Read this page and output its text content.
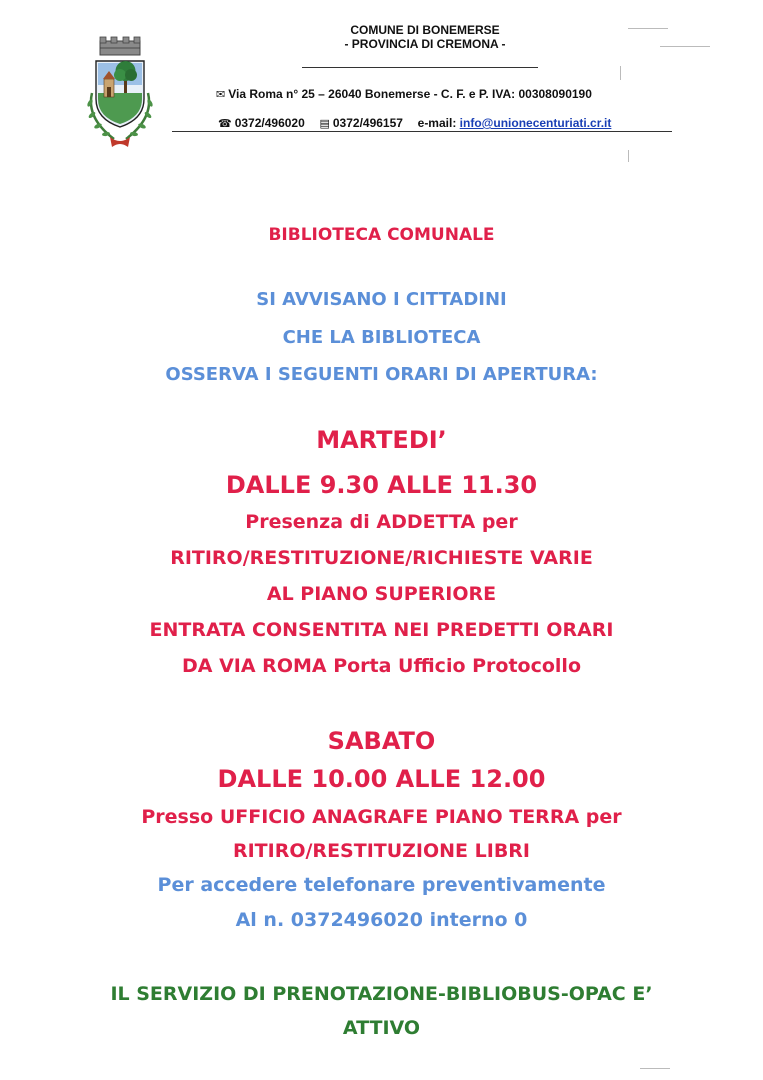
COMUNE DI BONEMERSE
- PROVINCIA DI CREMONA -
✉ Via Roma n° 25 – 26040 Bonemerse - C. F. e P. IVA: 00308090190
☎ 0372/496020 ▤ 0372/496157 e-mail: info@unionecenturiati.cr.it
BIBLIOTECA COMUNALE
SI AVVISANO I CITTADINI
CHE LA BIBLIOTECA
OSSERVA I SEGUENTI ORARI DI APERTURA:
MARTEDI’
DALLE 9.30 ALLE 11.30
Presenza di ADDETTA per
RITIRO/RESTITUZIONE/RICHIESTE VARIE
AL PIANO SUPERIORE
ENTRATA CONSENTITA NEI PREDETTI ORARI
DA VIA ROMA Porta Ufficio Protocollo
SABATO
DALLE 10.00 ALLE 12.00
Presso UFFICIO ANAGRAFE PIANO TERRA per
RITIRO/RESTITUZIONE LIBRI
Per accedere telefonare preventivamente
Al n. 0372496020 interno 0
IL SERVIZIO DI PRENOTAZIONE-BIBLIOBUS-OPAC E’
ATTIVO
